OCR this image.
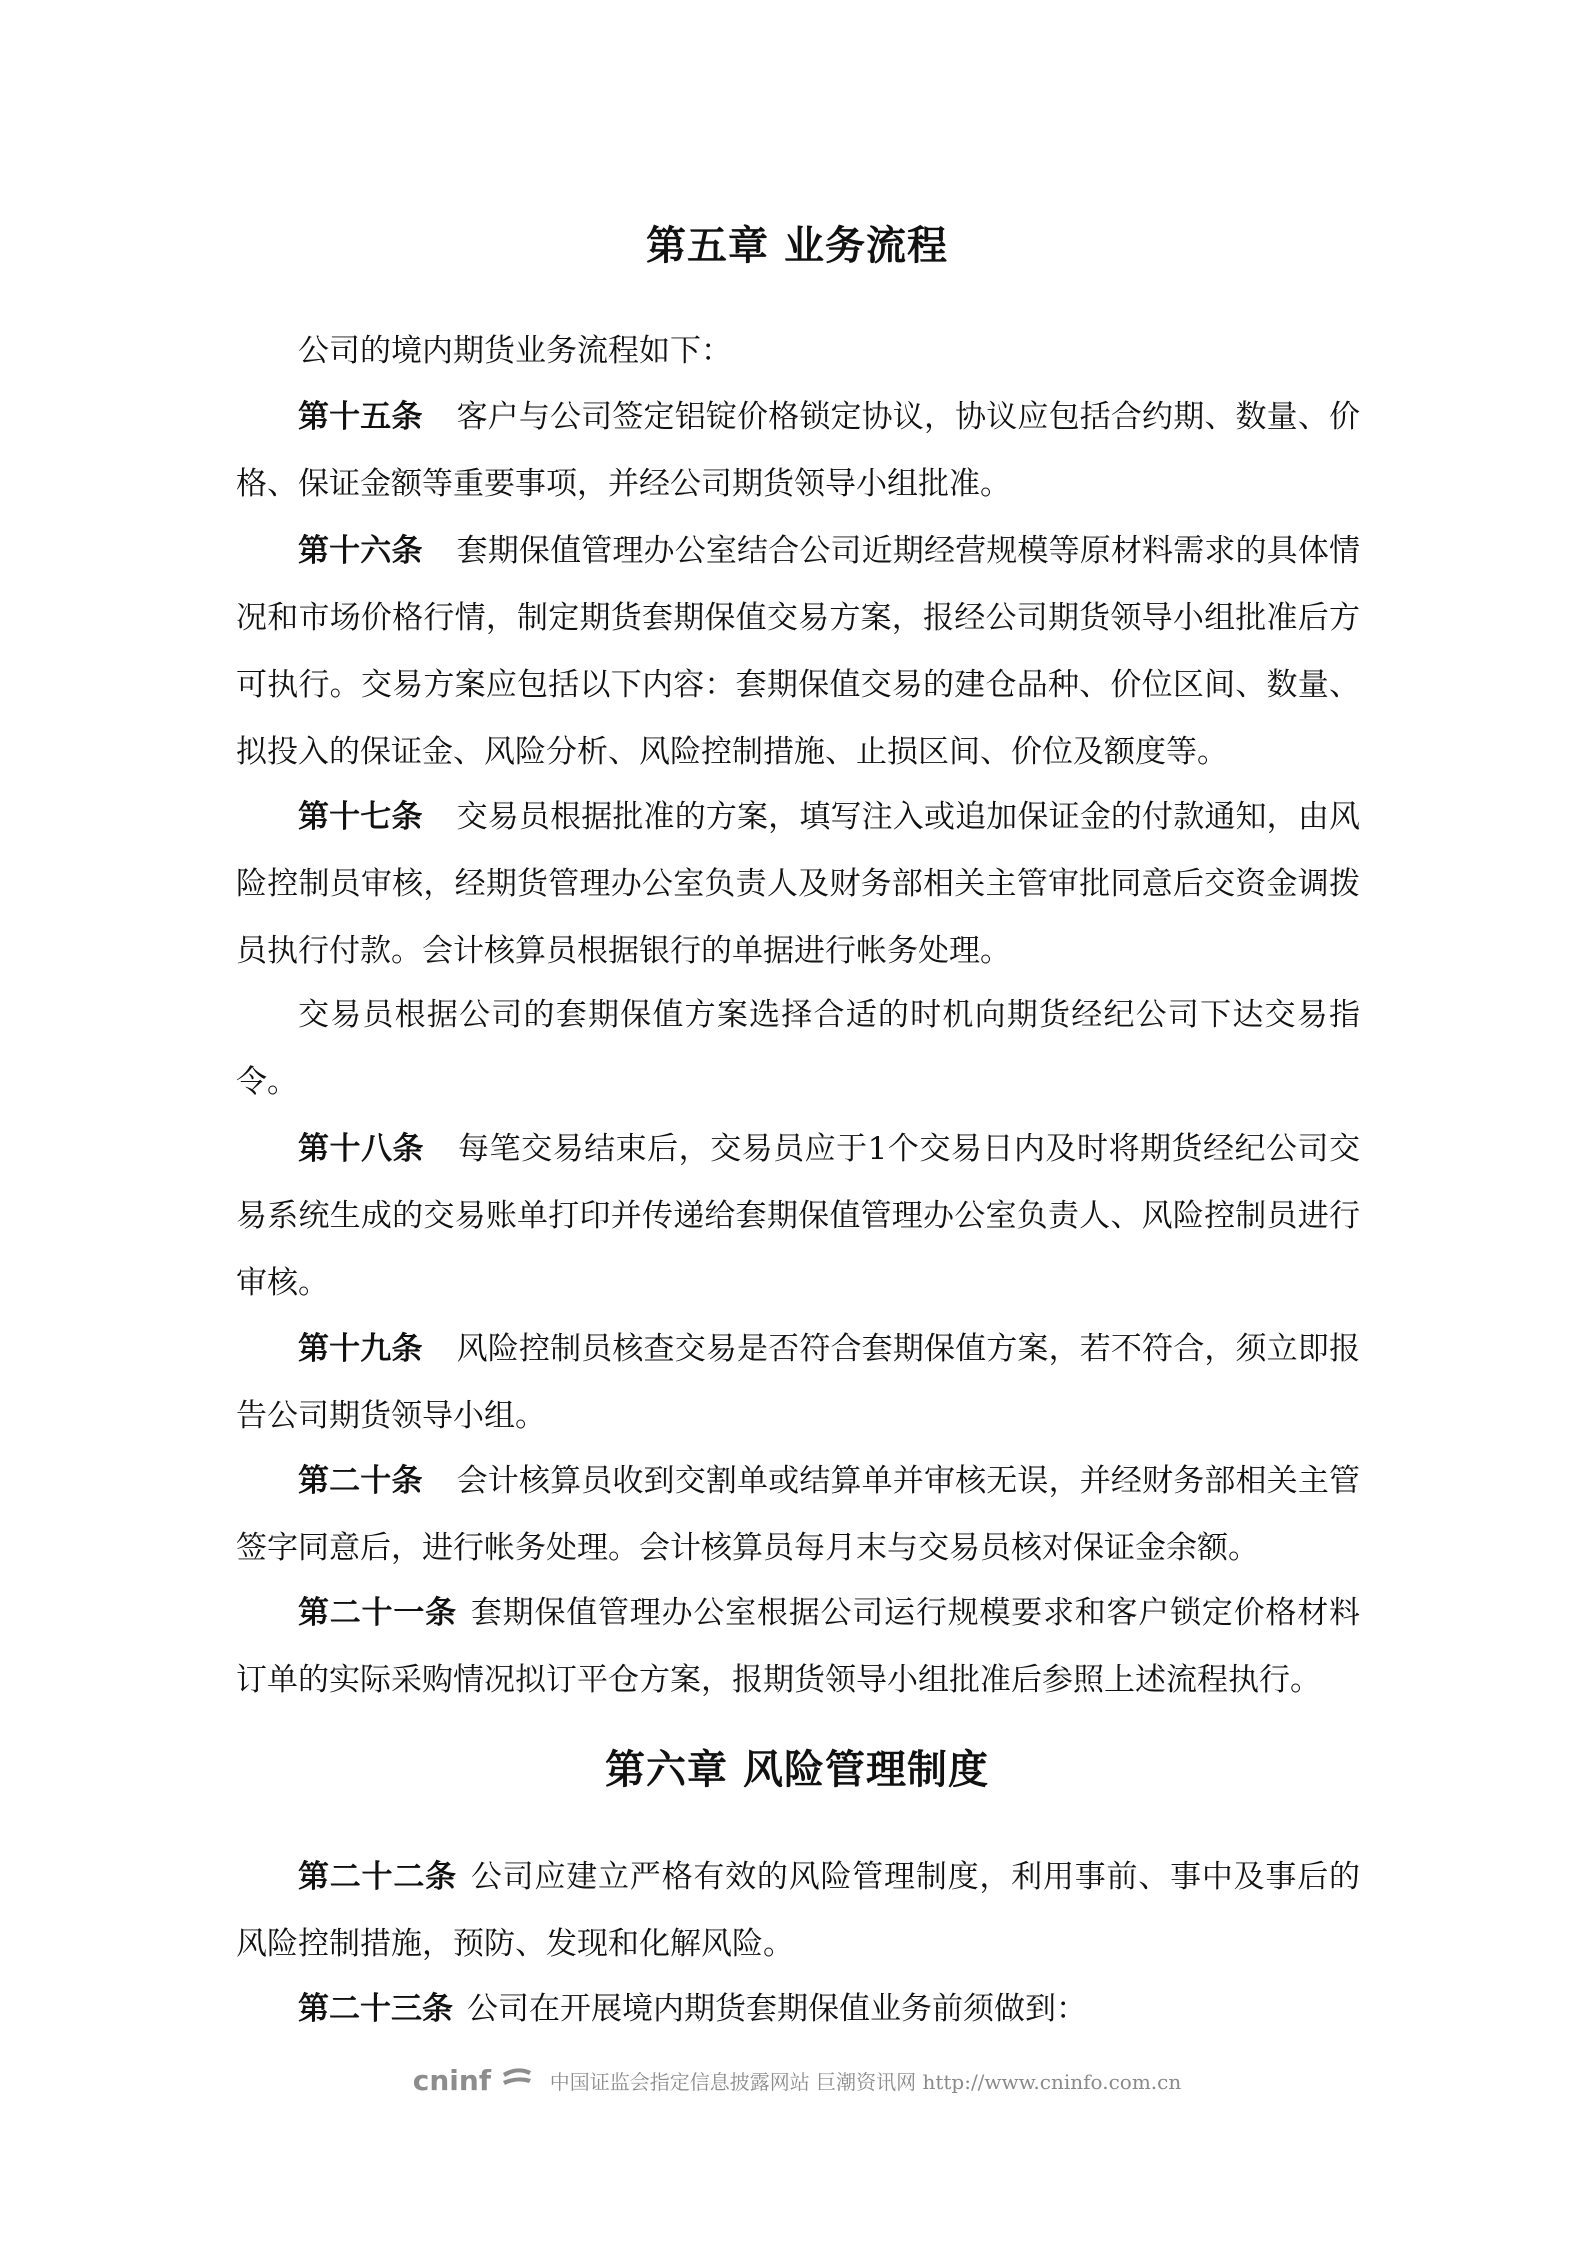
第五章 业务流程

公司的境内期货业务流程如下：

第十五条 客户与公司签定铝锭价格锁定协议，协议应包括合约期、数量、价格、保证金额等重要事项，并经公司期货领导小组批准。

第十六条 套期保值管理办公室结合公司近期经营规模等原材料需求的具体情况和市场价格行情，制定期货套期保值交易方案，报经公司期货领导小组批准后方可执行。交易方案应包括以下内容：套期保值交易的建仓品种、价位区间、数量、拟投入的保证金、风险分析、风险控制措施、止损区间、价位及额度等。

第十七条 交易员根据批准的方案，填写注入或追加保证金的付款通知，由风险控制员审核，经期货管理办公室负责人及财务部相关主管审批同意后交资金调拨员执行付款。会计核算员根据银行的单据进行帐务处理。

交易员根据公司的套期保值方案选择合适的时机向期货经纪公司下达交易指令。

第十八条 每笔交易结束后，交易员应于1个交易日内及时将期货经纪公司交易系统生成的交易账单打印并传递给套期保值管理办公室负责人、风险控制员进行审核。

第十九条 风险控制员核查交易是否符合套期保值方案，若不符合，须立即报告公司期货领导小组。

第二十条 会计核算员收到交割单或结算单并审核无误，并经财务部相关主管签字同意后，进行帐务处理。会计核算员每月末与交易员核对保证金余额。

第二十一条 套期保值管理办公室根据公司运行规模要求和客户锁定价格材料订单的实际采购情况拟订平仓方案，报期货领导小组批准后参照上述流程执行。

第六章 风险管理制度

第二十二条 公司应建立严格有效的风险管理制度，利用事前、事中及事后的风险控制措施，预防、发现和化解风险。

第二十三条 公司在开展境内期货套期保值业务前须做到：

cninf	中国证监会指定信息披露网站 巨潮资讯网 http://www.cninfo.com.cn
